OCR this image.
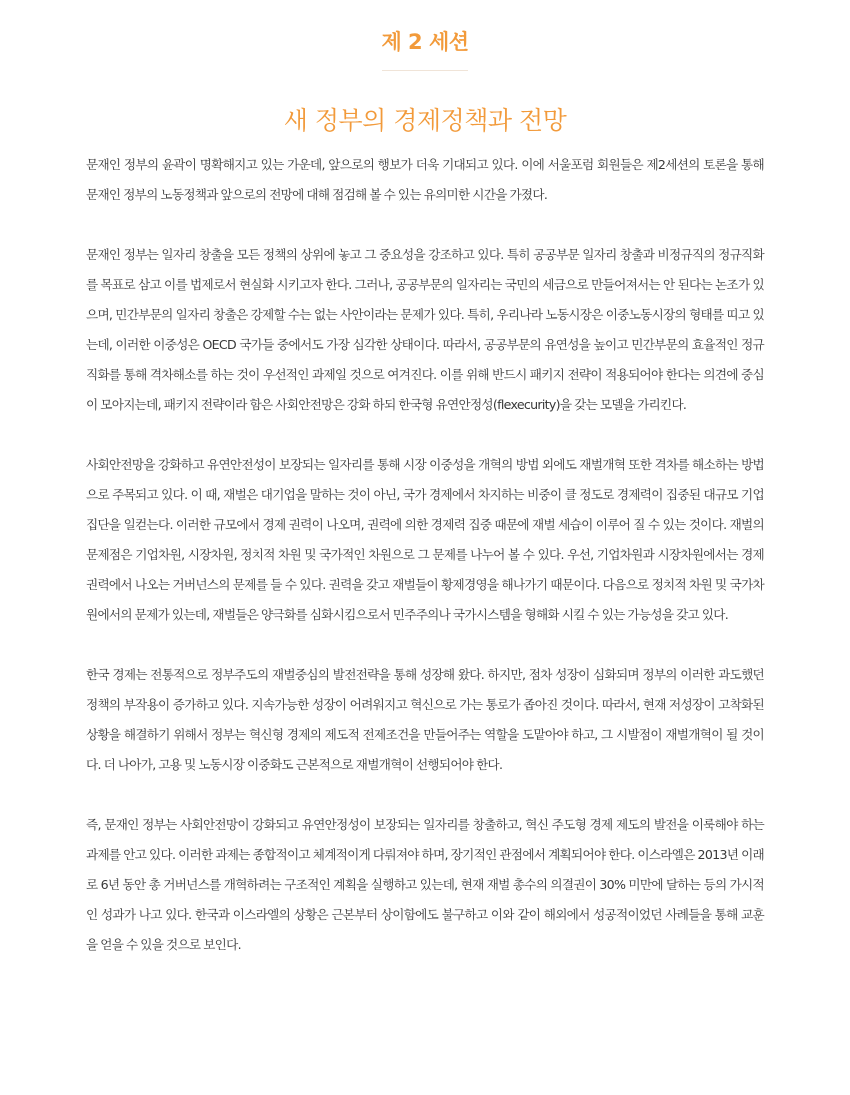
제 2 세션
새 정부의 경제정책과 전망

문재인 정부의 윤곽이 명확해지고 있는 가운데, 앞으로의 행보가 더욱 기대되고 있다. 이에 서울포럼 회원들은 제2세션의 토론을 통해 문재인 정부의 노동정책과 앞으로의 전망에 대해 점검해 볼 수 있는 유의미한 시간을 가졌다.

문재인 정부는 일자리 창출을 모든 정책의 상위에 놓고 그 중요성을 강조하고 있다. 특히 공공부문 일자리 창출과 비정규직의 정규직화를 목표로 삼고 이를 법제로서 현실화 시키고자 한다. 그러나, 공공부문의 일자리는 국민의 세금으로 만들어져서는 안 된다는 논조가 있으며, 민간부문의 일자리 창출은 강제할 수는 없는 사안이라는 문제가 있다. 특히, 우리나라 노동시장은 이중노동시장의 형태를 띠고 있는데, 이러한 이중성은 OECD 국가들 중에서도 가장 심각한 상태이다. 따라서, 공공부문의 유연성을 높이고 민간부문의 효율적인 정규직화를 통해 격차해소를 하는 것이 우선적인 과제일 것으로 여겨진다. 이를 위해 반드시 패키지 전략이 적용되어야 한다는 의견에 중심이 모아지는데, 패키지 전략이라 함은 사회안전망은 강화 하되 한국형 유연안정성(flexecurity)을 갖는 모델을 가리킨다.

사회안전망을 강화하고 유연안전성이 보장되는 일자리를 통해 시장 이중성을 개혁의 방법 외에도 재벌개혁 또한 격차를 해소하는 방법으로 주목되고 있다. 이 때, 재벌은 대기업을 말하는 것이 아닌, 국가 경제에서 차지하는 비중이 클 정도로 경제력이 집중된 대규모 기업 집단을 일컫는다. 이러한 규모에서 경제 권력이 나오며, 권력에 의한 경제력 집중 때문에 재벌 세습이 이루어 질 수 있는 것이다. 재벌의 문제점은 기업차원, 시장차원, 정치적 차원 및 국가적인 차원으로 그 문제를 나누어 볼 수 있다. 우선, 기업차원과 시장차원에서는 경제 권력에서 나오는 거버넌스의 문제를 들 수 있다. 권력을 갖고 재벌들이 황제경영을 해나가기 때문이다. 다음으로 정치적 차원 및 국가차원에서의 문제가 있는데, 재벌들은 양극화를 심화시킴으로서 민주주의나 국가시스템을 형해화 시킬 수 있는 가능성을 갖고 있다.

한국 경제는 전통적으로 정부주도의 재벌중심의 발전전략을 통해 성장해 왔다. 하지만, 점차 성장이 심화되며 정부의 이러한 과도했던 정책의 부작용이 증가하고 있다. 지속가능한 성장이 어려워지고 혁신으로 가는 통로가 좁아진 것이다. 따라서, 현재 저성장이 고착화된 상황을 해결하기 위해서 정부는 혁신형 경제의 제도적 전제조건을 만들어주는 역할을 도맡아야 하고, 그 시발점이 재벌개혁이 될 것이다. 더 나아가, 고용 및 노동시장 이중화도 근본적으로 재벌개혁이 선행되어야 한다.

즉, 문재인 정부는 사회안전망이 강화되고 유연안정성이 보장되는 일자리를 창출하고, 혁신 주도형 경제 제도의 발전을 이룩해야 하는 과제를 안고 있다. 이러한 과제는 종합적이고 체계적이게 다뤄져야 하며, 장기적인 관점에서 계획되어야 한다. 이스라엘은 2013년 이래로 6년 동안 총 거버넌스를 개혁하려는 구조적인 계획을 실행하고 있는데, 현재 재벌 총수의 의결권이 30% 미만에 달하는 등의 가시적인 성과가 나고 있다. 한국과 이스라엘의 상황은 근본부터 상이함에도 불구하고 이와 같이 해외에서 성공적이었던 사례들을 통해 교훈을 얻을 수 있을 것으로 보인다.
